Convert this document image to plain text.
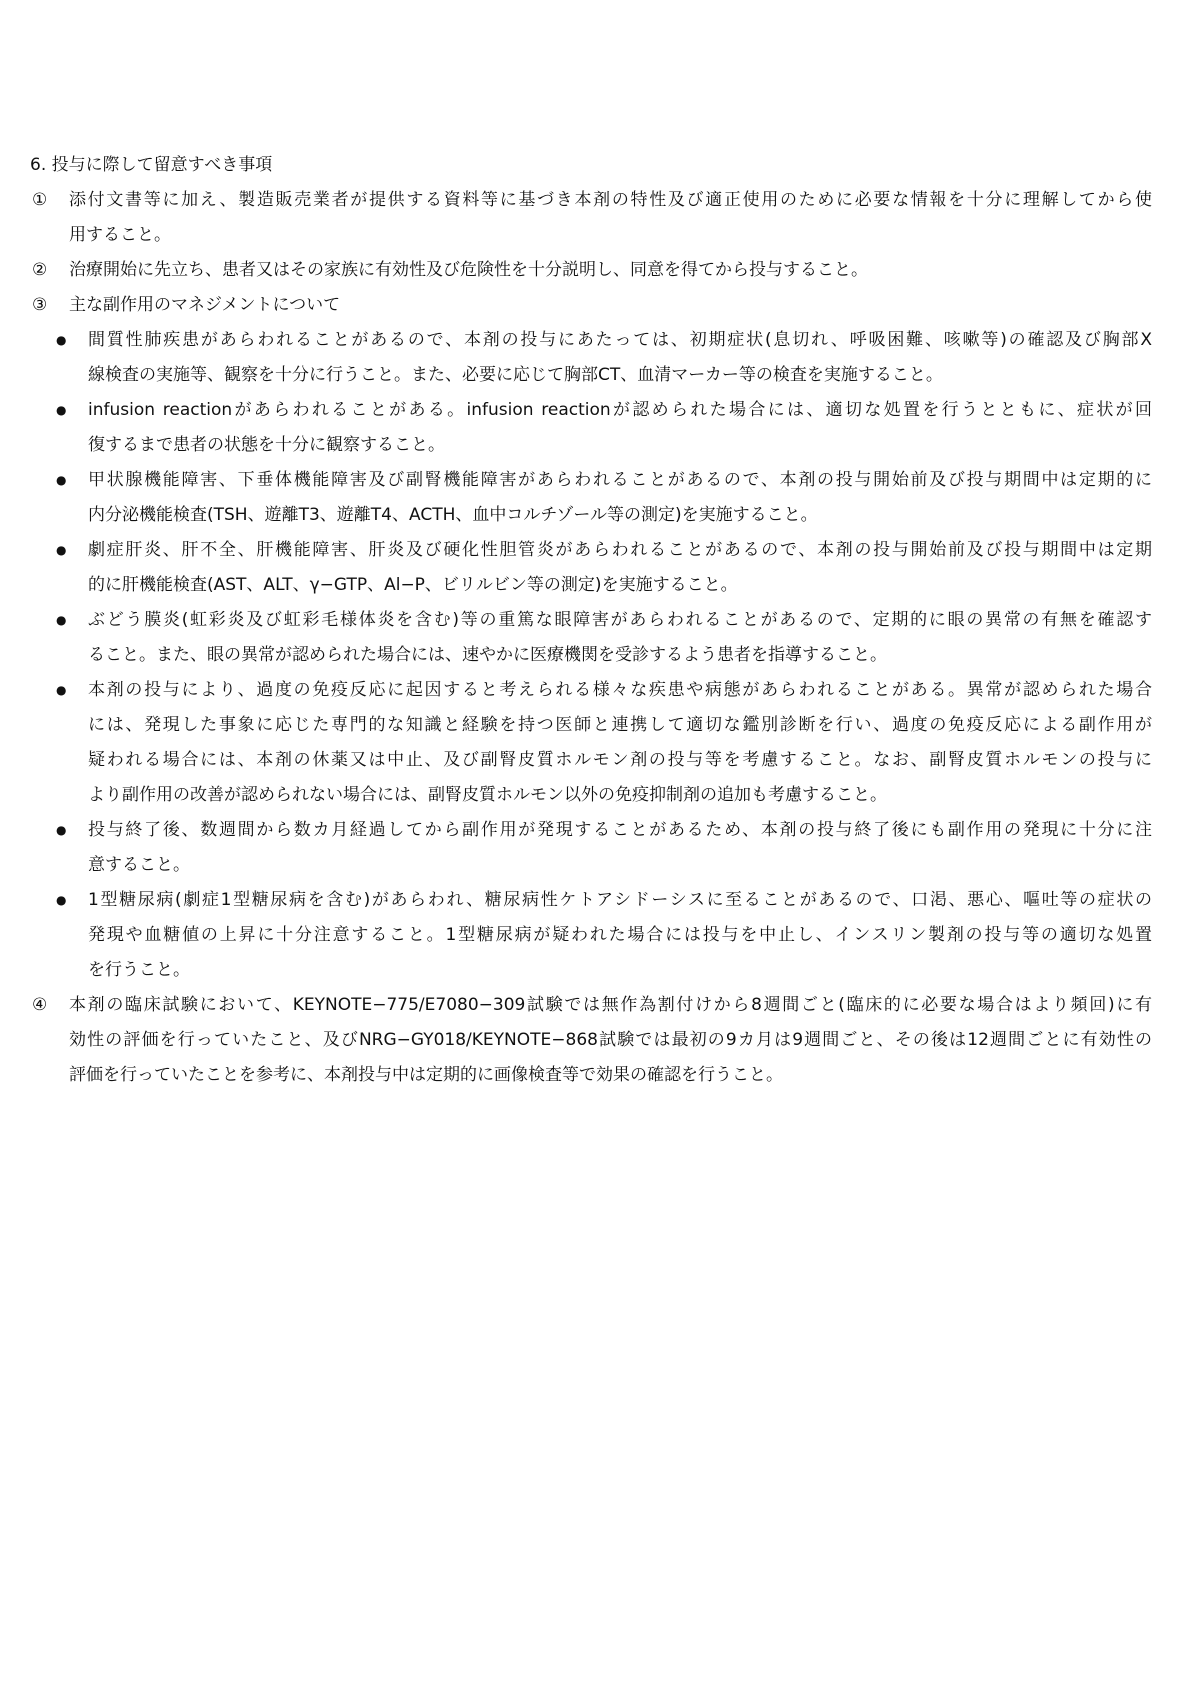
6. 投与に際して留意すべき事項
① 添付文書等に加え、製造販売業者が提供する資料等に基づき本剤の特性及び適正使用のために必要な情報を十分に理解してから使
用すること。
② 治療開始に先立ち、患者又はその家族に有効性及び危険性を十分説明し、同意を得てから投与すること。
③ 主な副作用のマネジメントについて
● 間質性肺疾患があらわれることがあるので、本剤の投与にあたっては、初期症状(息切れ、呼吸困難、咳嗽等)の確認及び胸部X
線検査の実施等、観察を十分に行うこと。また、必要に応じて胸部CT、血清マーカー等の検査を実施すること。
● infusion reactionがあらわれることがある。infusion reactionが認められた場合には、適切な処置を行うとともに、症状が回
復するまで患者の状態を十分に観察すること。
● 甲状腺機能障害、下垂体機能障害及び副腎機能障害があらわれることがあるので、本剤の投与開始前及び投与期間中は定期的に
内分泌機能検査(TSH、遊離T3、遊離T4、ACTH、血中コルチゾール等の測定)を実施すること。
● 劇症肝炎、肝不全、肝機能障害、肝炎及び硬化性胆管炎があらわれることがあるので、本剤の投与開始前及び投与期間中は定期
的に肝機能検査(AST、ALT、γ−GTP、Al−P、ビリルビン等の測定)を実施すること。
● ぶどう膜炎(虹彩炎及び虹彩毛様体炎を含む)等の重篤な眼障害があらわれることがあるので、定期的に眼の異常の有無を確認す
ること。また、眼の異常が認められた場合には、速やかに医療機関を受診するよう患者を指導すること。
● 本剤の投与により、過度の免疫反応に起因すると考えられる様々な疾患や病態があらわれることがある。異常が認められた場合
には、発現した事象に応じた専門的な知識と経験を持つ医師と連携して適切な鑑別診断を行い、過度の免疫反応による副作用が
疑われる場合には、本剤の休薬又は中止、及び副腎皮質ホルモン剤の投与等を考慮すること。なお、副腎皮質ホルモンの投与に
より副作用の改善が認められない場合には、副腎皮質ホルモン以外の免疫抑制剤の追加も考慮すること。
● 投与終了後、数週間から数カ月経過してから副作用が発現することがあるため、本剤の投与終了後にも副作用の発現に十分に注
意すること。
● 1型糖尿病(劇症1型糖尿病を含む)があらわれ、糖尿病性ケトアシドーシスに至ることがあるので、口渇、悪心、嘔吐等の症状の
発現や血糖値の上昇に十分注意すること。1型糖尿病が疑われた場合には投与を中止し、インスリン製剤の投与等の適切な処置
を行うこと。
④ 本剤の臨床試験において、KEYNOTE−775/E7080−309試験では無作為割付けから8週間ごと(臨床的に必要な場合はより頻回)に有
効性の評価を行っていたこと、及びNRG−GY018/KEYNOTE−868試験では最初の9カ月は9週間ごと、その後は12週間ごとに有効性の
評価を行っていたことを参考に、本剤投与中は定期的に画像検査等で効果の確認を行うこと。
